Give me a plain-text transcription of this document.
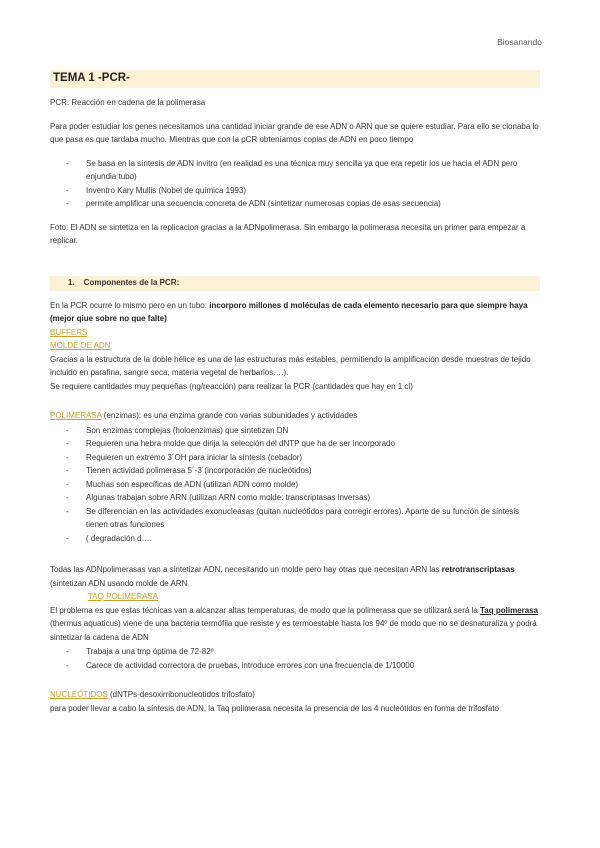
Biosanando
TEMA 1 -PCR-

PCR: Reacción en cadena de la polimerasa

Para poder estudiar los genes necesitamos una cantidad iniciar grande de ese ADN o ARN que se quiere estudiar. Para ello se clonaba lo que pasa es que tardaba mucho. Mientras que con la pCR obteníamos copias de ADN en poco tiempo

- Se basa en la síntesis de ADN invitro (en realidad es una técnica muy sencilla ya que era repetir los ue hacia el ADN pero enjundia tubo)
- Inventro Kary Mullis (Nobel de química 1993)
- permite amplificar una secuencia concreta de ADN (sintetizar numerosas copias de esas secuencia)

Foto: El ADN se sintetiza en la replicacion gracias a la ADNpolimerasa. Sin embargo la polimerasa necesita un primer para empezar a replicar.

1. Componentes de la PCR:

En la PCR ocurre lo mismo pero en un tubo: incorporo millones d moléculas de cada elemento necesario para que siempre haya (mejor qiue sobre no que falte)

BUFFERS
MOLDE DE ADN

Gracias a la estructura de la doble hélice es una de las estructuras más estables, permitiendo la amplificación desde muestras de tejido incluido en parafina, sangre seca, materia vegetal de herbarios….).

Se requiere cantidades muy pequeñas (ng/reacción) para realizar la PCR (cantidades que hay en 1 cl)

POLIMERASA (enzimas): es una enzima grande con varias subunidades y actividades

- Son enzimas complejas (holoenzimas) que sintetizan DN
- Requieren una hebra molde que dirija la selección del dNTP que ha de ser incorporado
- Requieren un extremo 3´OH para iniciar la síntesis (cebador)
- Tienen actividad polimerasa 5´-3´(incorporación de nucleótidos)
- Muchas son específicas de ADN (utilizan ADN como molde)
- Algunas trabajan sobre ARN (utilizan ARN como molde: transcriptasas inversas)
- Se diferencian en las actividades exonucleasas (quitan nucleótidos para corregir errores). Aparte de su función de síntesis tienen otras funciones
- ( degradación d….

Todas las ADNpolimerasas van a sintetizar ADN, necesitando un molde pero hay otras que necesitan ARN las retrotranscriptasas (sintetizan ADN usando molde de ARN

TAQ POLIMERASA

El problema es que estas técnicas van a alcanzar altas temperaturas, de modo que la polimerasa que se utilizará será la Taq polimerasa (thermus aquaticus) viene de una bacteria termófila que resiste y es termoestable hasta los 94º de modo que no se desnaturaliza y podrá sintetizar la cadena de ADN

- Trabaja a una tmp óptima de 72-82º
- Carece de actividad correctora de pruebas, introduce errores con una frecuencia de 1/10000

NUCLEÓTIDOS (dNTPs-desoxirribonucleotidos trifosfato)

para poder llevar a cabo la síntesis de ADN, la Taq polimerasa necesita la presencia de los 4 nucleótidos en forma de trifosfato
